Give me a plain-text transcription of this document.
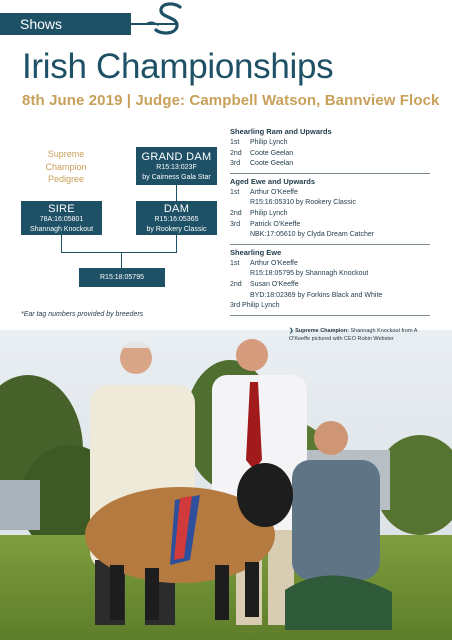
Shows
Irish Championships
8th June 2019 | Judge: Campbell Watson, Bannview Flock
Supreme
Champion
Pedigree
GRAND DAM
R15:13:023F
by Cairness Gala Star
SIRE
78A:16:05801
Shannagh Knockout
DAM
R15:16:05365
by Rookery Classic
R15:18:05795
*Ear tag numbers provided by breeders
Shearling Ram and Upwards
1st	Philip Lynch
2nd	Coote Geelan
3rd	Coote Geelan
Aged Ewe and Upwards
1st	Arthur O'Keeffe
R15:16:05310 by Rookery Classic
2nd	Philip Lynch
3rd	Patrick O'Keeffe
NBK:17:05610 by Clyda Dream Catcher
Shearling Ewe
1st	Arthur O'Keeffe
R15:18:05795 by Shannagh Knockout
2nd	Susan O'Keeffe
BYD:18:02369 by Forkins Black and White
3rd Philip Lynch
❯ Supreme Champion: Shannagh Knockout from A O'Keeffe pictured with CEO Robin Webster
